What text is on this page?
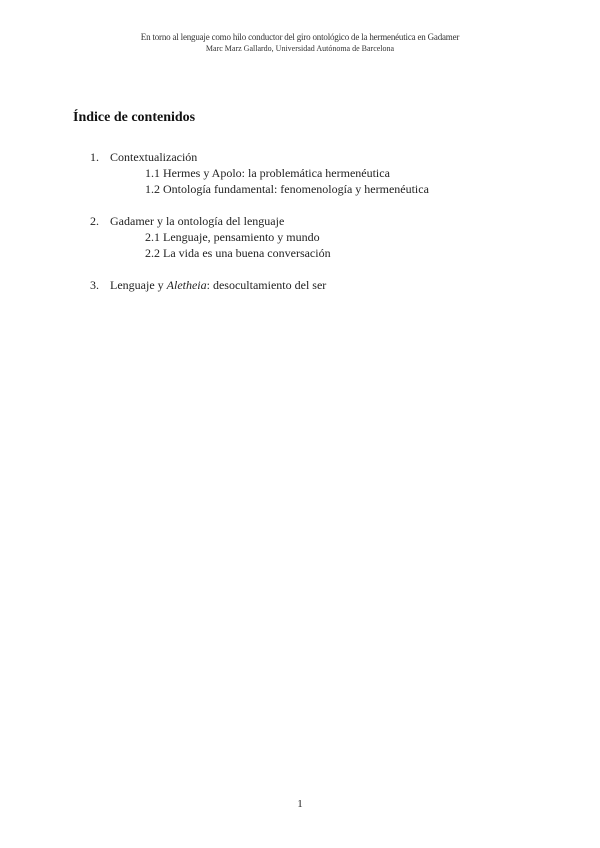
En torno al lenguaje como hilo conductor del giro ontológico de la hermenéutica en Gadamer
Marc Marz Gallardo, Universidad Autónoma de Barcelona
Índice de contenidos
1. Contextualización
1.1 Hermes y Apolo: la problemática hermenéutica
1.2 Ontología fundamental: fenomenología y hermenéutica
2. Gadamer y la ontología del lenguaje
2.1 Lenguaje, pensamiento y mundo
2.2 La vida es una buena conversación
3. Lenguaje y Aletheia: desocultamiento del ser
1
